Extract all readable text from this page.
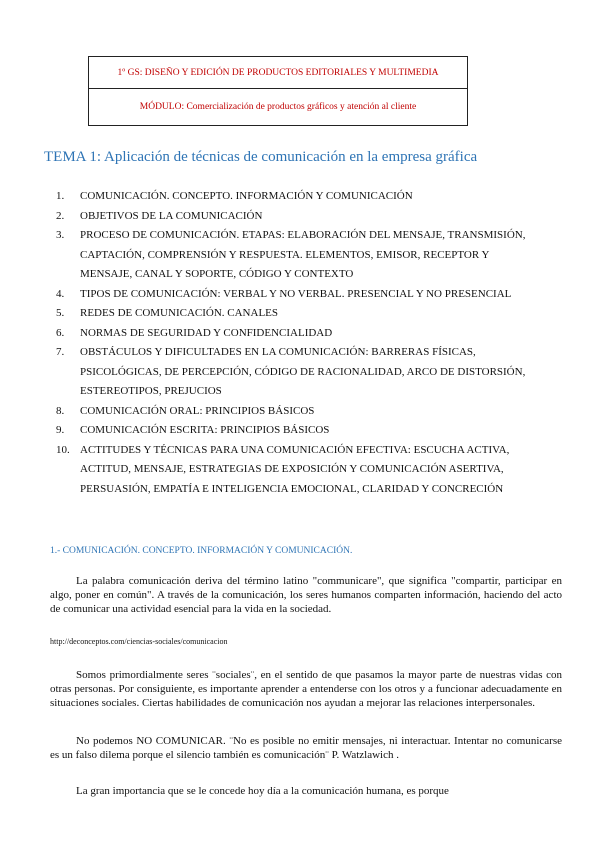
1º GS: DISEÑO Y EDICIÓN DE PRODUCTOS EDITORIALES Y MULTIMEDIA
MÓDULO: Comercialización de productos gráficos y atención al cliente
TEMA 1: Aplicación de técnicas de comunicación en la empresa gráfica
1.	COMUNICACIÓN. CONCEPTO. INFORMACIÓN Y COMUNICACIÓN
2.	OBJETIVOS DE LA COMUNICACIÓN
3.	PROCESO DE COMUNICACIÓN. ETAPAS: ELABORACIÓN DEL MENSAJE, TRANSMISIÓN,
CAPTACIÓN, COMPRENSIÓN Y RESPUESTA. ELEMENTOS, EMISOR, RECEPTOR Y
MENSAJE, CANAL Y SOPORTE, CÓDIGO Y CONTEXTO
4.	TIPOS DE COMUNICACIÓN: VERBAL Y NO VERBAL. PRESENCIAL Y NO PRESENCIAL
5.	REDES DE COMUNICACIÓN. CANALES
6.	NORMAS DE SEGURIDAD Y CONFIDENCIALIDAD
7.	OBSTÁCULOS Y DIFICULTADES EN LA COMUNICACIÓN: BARRERAS FÍSICAS,
PSICOLÓGICAS, DE PERCEPCIÓN, CÓDIGO DE RACIONALIDAD, ARCO DE DISTORSIÓN,
ESTEREOTIPOS, PREJUCIOS
8.	COMUNICACIÓN ORAL: PRINCIPIOS BÁSICOS
9.	COMUNICACIÓN ESCRITA: PRINCIPIOS BÁSICOS
10. ACTITUDES Y TÉCNICAS PARA UNA COMUNICACIÓN EFECTIVA: ESCUCHA ACTIVA,
ACTITUD, MENSAJE, ESTRATEGIAS DE EXPOSICIÓN Y COMUNICACIÓN ASERTIVA,
PERSUASIÓN, EMPATÍA E INTELIGENCIA EMOCIONAL, CLARIDAD Y CONCRECIÓN

1.- COMUNICACIÓN. CONCEPTO. INFORMACIÓN Y COMUNICACIÓN.

La palabra comunicación deriva del término latino "communicare", que significa "compartir, participar en algo, poner en común". A través de la comunicación, los seres humanos comparten información, haciendo del acto de comunicar una actividad esencial para la vida en la sociedad.

http://deconceptos.com/ciencias-sociales/comunicacion

Somos primordialmente seres ¨sociales¨, en el sentido de que pasamos la mayor parte de nuestras vidas con otras personas. Por consiguiente, es importante aprender a entenderse con los otros y a funcionar adecuadamente en situaciones sociales. Ciertas habilidades de comunicación nos ayudan a mejorar las relaciones interpersonales.

No podemos NO COMUNICAR. ¨No es posible no emitir mensajes, ni interactuar. Intentar no comunicarse es un falso dilema porque el silencio también es comunicación¨ P. Watzlawich .

La gran importancia que se le concede hoy día a la comunicación humana, es porque
